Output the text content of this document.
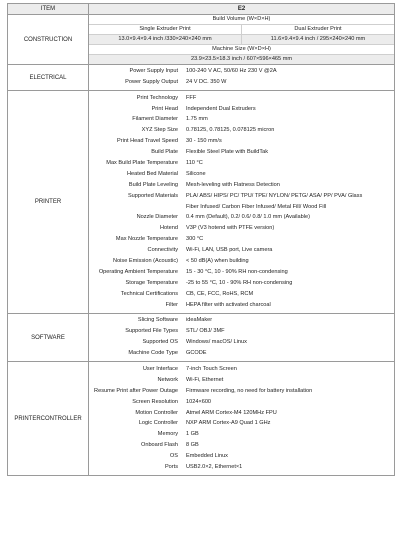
ITEM	E2
CONSTRUCTION
Build Volume (W×D×H)
Single Extruder Print	Dual Extruder Print
13.0×9.4×9.4 inch /330×240×240 mm	11.6×9.4×9.4 inch / 295×240×240 mm
Machine Size (W×D×H)
23.9×23.5×18.3 inch / 607×596×465 mm
ELECTRICAL
Power Supply Input	100-240 V AC, 50/60 Hz 230 V @2A
Power Supply Output	24 V DC. 350 W
PRINTER
Print Technology	FFF
Print Head	Independent Dual Extruders
Filament Diameter	1.75 mm
XYZ Step Size	0.78125, 0.78125, 0.078125 micron
Print Head Travel Speed	30 - 150 mm/s
Build Plate	Flexible Steel Plate with BuildTak
Max Build Plate Temperature	110 °C
Heated Bed Material	Silicone
Build Plate Leveling	Mesh-leveling with Flatness Detection
Supported Materials	PLA/ ABS/ HIPS/ PC/ TPU/ TPE/ NYLON/ PETG/ ASA/ PP/ PVA/ Glass
Fiber Infused/ Carbon Fiber Infused/ Metal Fill/ Wood Fill
Nozzle Diameter	0.4 mm (Default), 0.2/ 0.6/ 0.8/ 1.0 mm (Available)
Hotend	V3P (V3 hotend with PTFE version)
Max Nozzle Temperature	300 °C
Connectivity	Wi-Fi, LAN, USB port, Live camera
Noise Emission (Acoustic)	< 50 dB(A) when building
Operating Ambient Temperature	15 - 30 °C, 10 - 90% RH non-condensing
Storage Temperature	-25 to 55 °C, 10 - 90% RH non-condensing
Technical Certifications	CB, CE, FCC, RoHS, RCM
Filter	HEPA filter with activated charcoal
SOFTWARE
Slicing Software	ideaMaker
Supported File Types	STL/ OBJ/ 3MF
Supported OS	Windows/ macOS/ Linux
Machine Code Type	GCODE
PRINTER CONTROLLER
User Interface	7-inch Touch Screen
Network	Wi-Fi, Ethernet
Resume Print after Power Outage	Firmware recording, no need for battery installation
Screen Resolution	1024×600
Motion Controller	Atmel ARM Cortex-M4 120MHz FPU
Logic Controller	NXP ARM Cortex-A9 Quad 1 GHz
Memory	1 GB
Onboard Flash	8 GB
OS	Embedded Linux
Ports	USB2.0×2, Ethernet×1
